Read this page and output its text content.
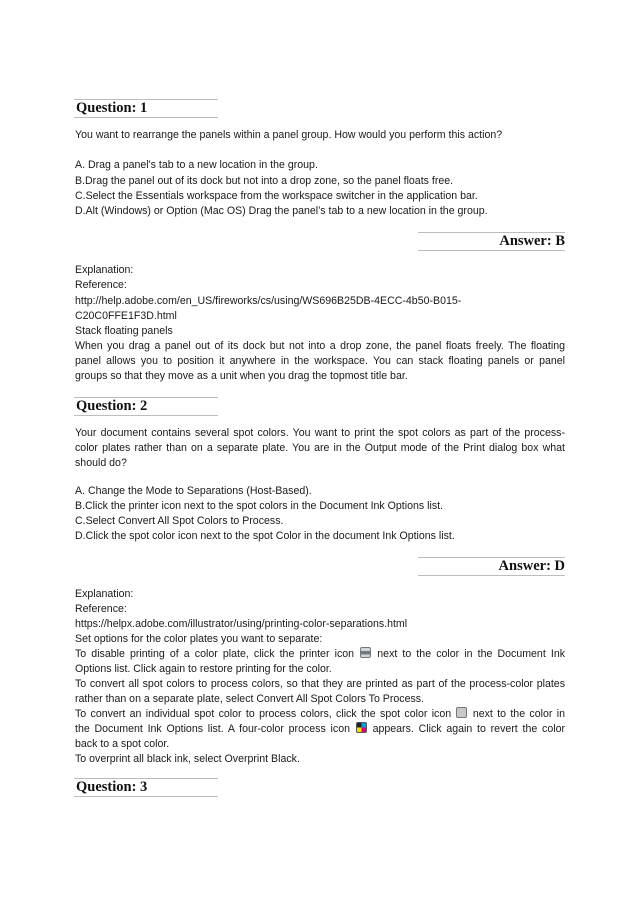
Question: 1
You want to rearrange the panels within a panel group. How would you perform this action?
A. Drag a panel's tab to a new location in the group.
B.Drag the panel out of its dock but not into a drop zone, so the panel floats free.
C.Select the Essentials workspace from the workspace switcher in the application bar.
D.Alt (Windows) or Option (Mac OS) Drag the panel’s tab to a new location in the group.
Answer: B
Explanation:
Reference:
http://help.adobe.com/en_US/fireworks/cs/using/WS696B25DB-4ECC-4b50-B015-
C20C0FFE1F3D.html
Stack floating panels
When you drag a panel out of its dock but not into a drop zone, the panel floats freely. The floating
panel allows you to position it anywhere in the workspace. You can stack floating panels or panel
groups so that they move as a unit when you drag the topmost title bar.
Question: 2
Your document contains several spot colors. You want to print the spot colors as part of the process-
color plates rather than on a separate plate. You are in the Output mode of the Print dialog box what
should do?
A. Change the Mode to Separations (Host-Based).
B.Click the printer icon next to the spot colors in the Document Ink Options list.
C.Select Convert All Spot Colors to Process.
D.Click the spot color icon next to the spot Color in the document Ink Options list.
Answer: D
Explanation:
Reference:
https://helpx.adobe.com/illustrator/using/printing-color-separations.html
Set options for the color plates you want to separate:
To disable printing of a color plate, click the printer icon next to the color in the Document Ink
Options list. Click again to restore printing for the color.
To convert all spot colors to process colors, so that they are printed as part of the process-color plates
rather than on a separate plate, select Convert All Spot Colors To Process.
To convert an individual spot color to process colors, click the spot color icon next to the color in
the Document Ink Options list. A four-color process icon appears. Click again to revert the color
back to a spot color.
To overprint all black ink, select Overprint Black.
Question: 3
